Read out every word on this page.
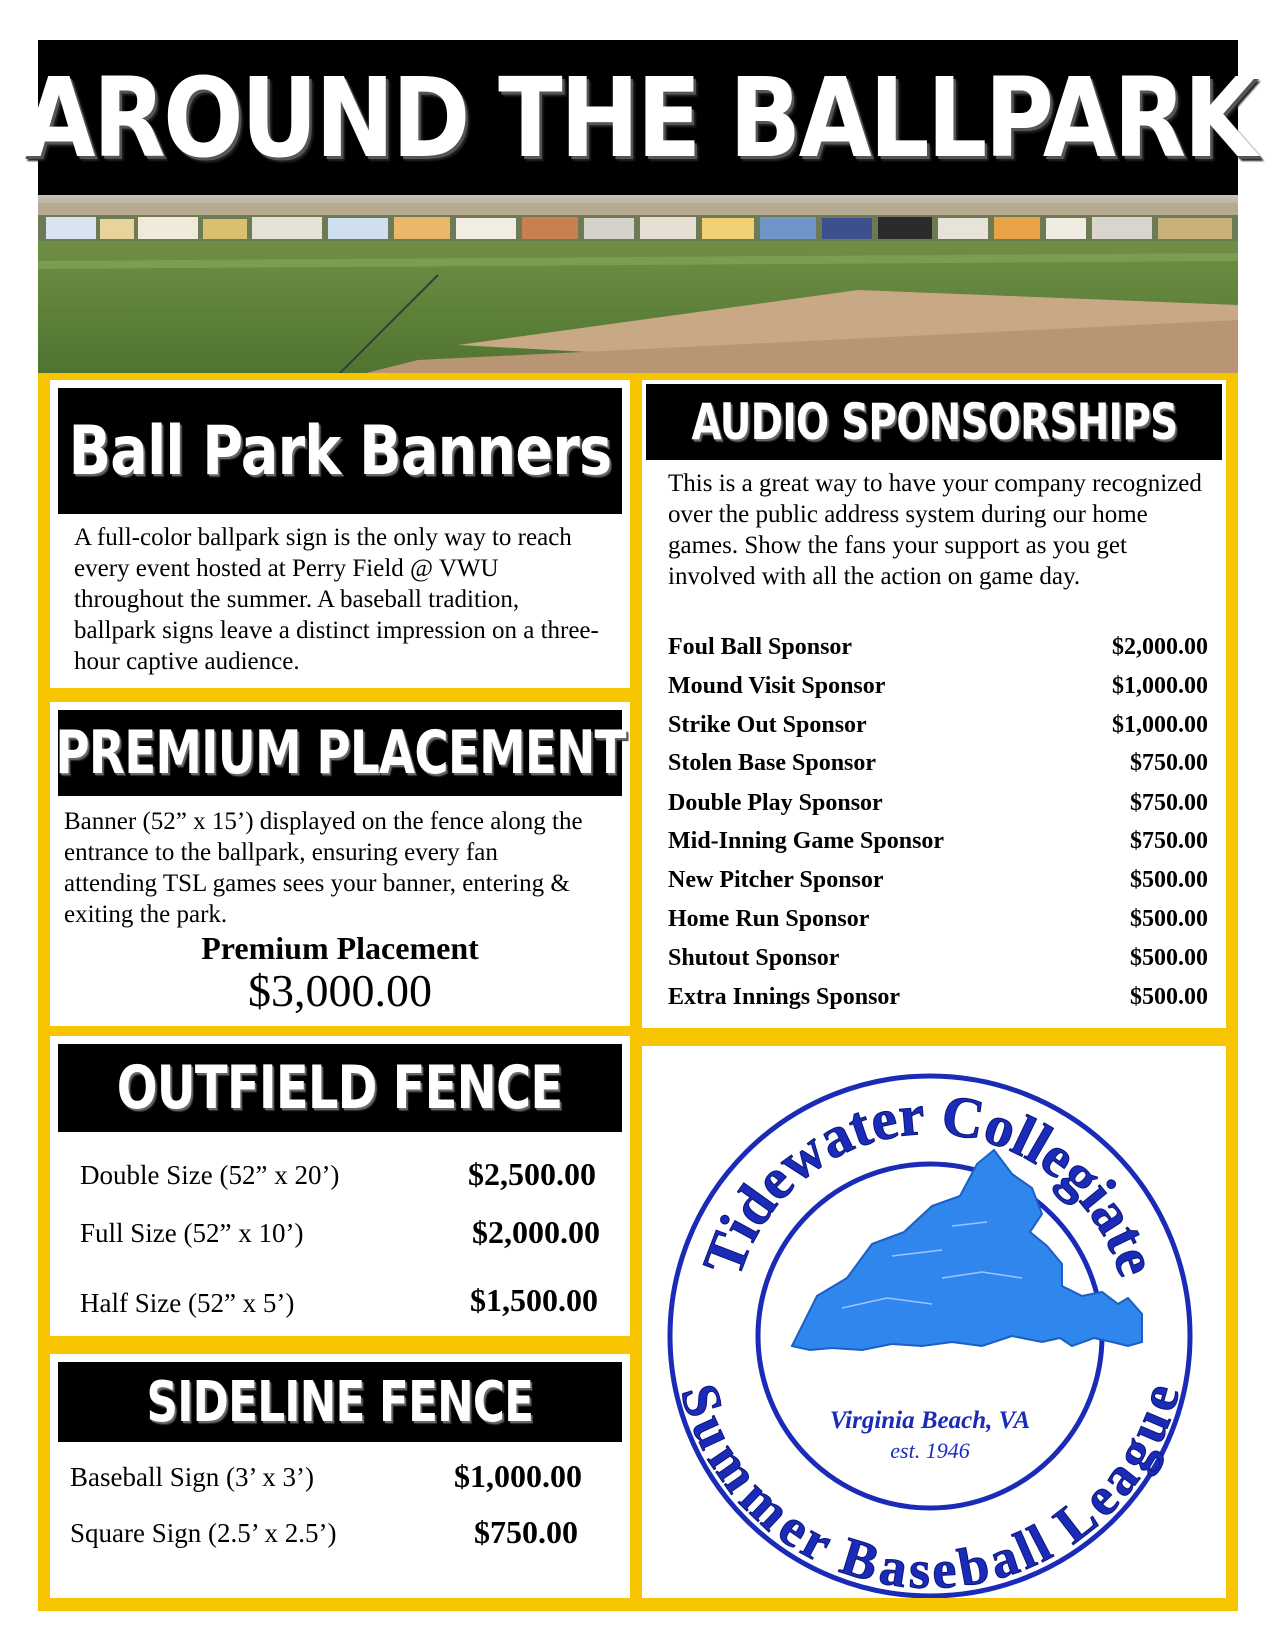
AROUND THE BALLPARK
Ball Park Banners
A full-color ballpark sign is the only way to reach every event hosted at Perry Field @ VWU throughout the summer. A baseball tradition, ballpark signs leave a distinct impression on a three-hour captive audience.
PREMIUM PLACEMENT
Banner (52” x 15’) displayed on the fence along the entrance to the ballpark, ensuring every fan attending TSL games sees your banner, entering & exiting the park.
Premium Placement
$3,000.00
OUTFIELD FENCE
Double Size (52” x 20’)	$2,500.00
Full Size (52” x 10’)	$2,000.00
Half Size (52” x 5’)	$1,500.00
SIDELINE FENCE
Baseball Sign (3’ x 3’)	$1,000.00
Square Sign (2.5’ x 2.5’)	$750.00
AUDIO SPONSORSHIPS
This is a great way to have your company recognized over the public address system during our home games. Show the fans your support as you get involved with all the action on game day.
Foul Ball Sponsor	$2,000.00
Mound Visit Sponsor	$1,000.00
Strike Out Sponsor	$1,000.00
Stolen Base Sponsor	$750.00
Double Play Sponsor	$750.00
Mid-Inning Game Sponsor	$750.00
New Pitcher Sponsor	$500.00
Home Run Sponsor	$500.00
Shutout Sponsor	$500.00
Extra Innings Sponsor	$500.00
Tidewater Collegiate
Summer Baseball League
Virginia Beach, VA
est. 1946
